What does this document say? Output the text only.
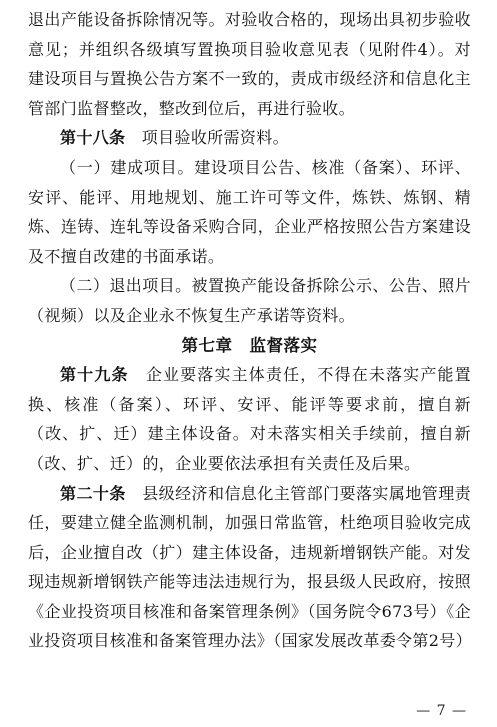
退出产能设备拆除情况等。对验收合格的，现场出具初步验收意见；并组织各级填写置换项目验收意见表（见附件4）。对建设项目与置换公告方案不一致的，责成市级经济和信息化主管部门监督整改，整改到位后，再进行验收。

第十八条　 项目验收所需资料。

（一）建成项目。建设项目公告、核准（备案）、环评、安评、能评、用地规划、施工许可等文件，炼铁、炼钢、精炼、连铸、连轧等设备采购合同，企业严格按照公告方案建设及不擅自改建的书面承诺。

（二）退出项目。被置换产能设备拆除公示、公告、照片（视频）以及企业永不恢复生产承诺等资料。

第七章　监督落实

第十九条　 企业要落实主体责任，不得在未落实产能置换、核准（备案）、环评、安评、能评等要求前，擅自新（改、扩、迁）建主体设备。对未落实相关手续前，擅自新（改、扩、迁）的，企业要依法承担有关责任及后果。

第二十条　 县级经济和信息化主管部门要落实属地管理责任，要建立健全监测机制，加强日常监管，杜绝项目验收完成后，企业擅自改（扩）建主体设备，违规新增钢铁产能。对发现违规新增钢铁产能等违法违规行为，报县级人民政府，按照《企业投资项目核准和备案管理条例》（国务院令673号）《企业投资项目核准和备案管理办法》（国家发展改革委令第2号）

— 7 —
